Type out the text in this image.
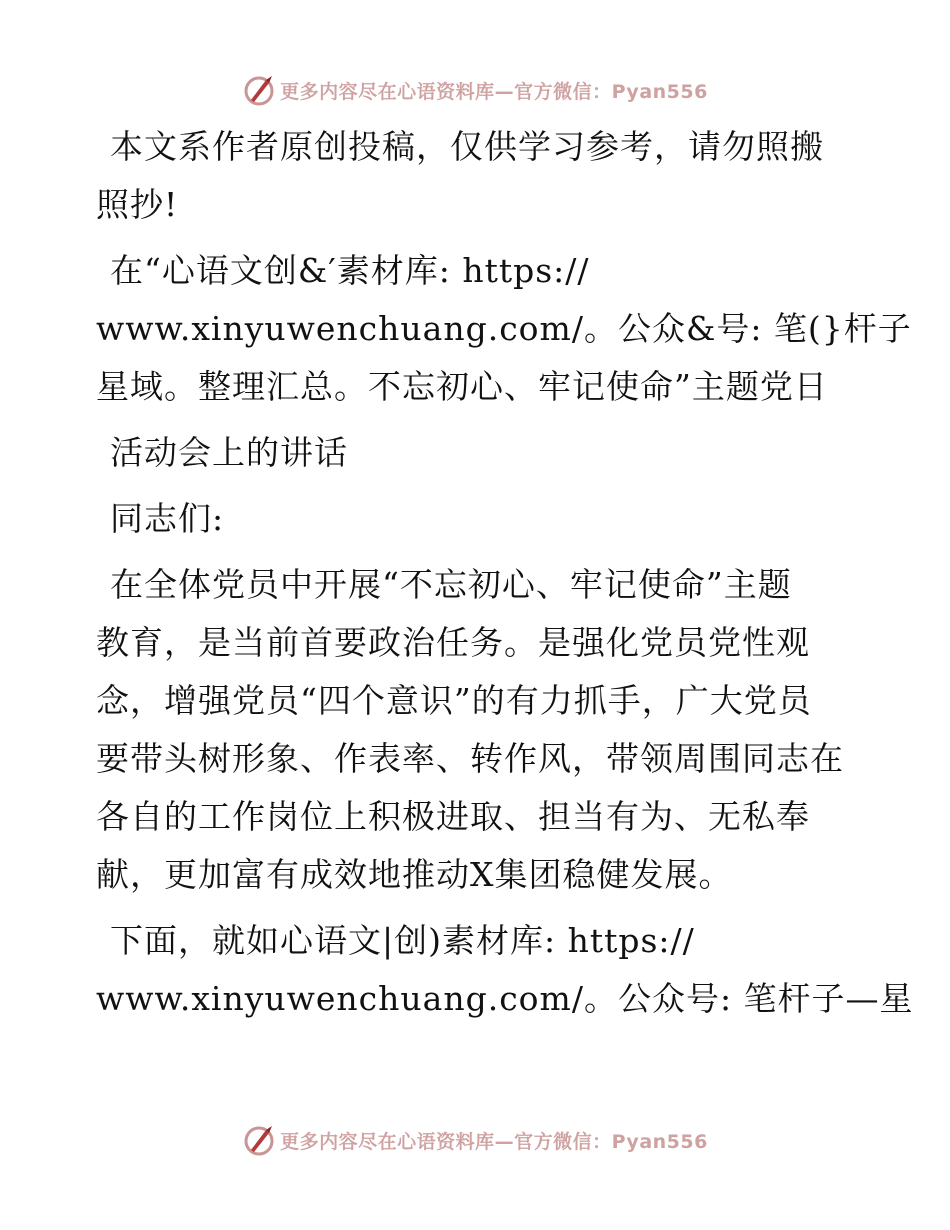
更多内容尽在心语资料库—官方微信：Pyan556
本文系作者原创投稿，仅供学习参考，请勿照搬
照抄!
在“心语文创&′素材库: https://
www.xinyuwenchuang.com/。公众&号: 笔(}杆子
星域。整理汇总。不忘初心、牢记使命”主题党日
活动会上的讲话
同志们:
在全体党员中开展“不忘初心、牢记使命”主题
教育，是当前首要政治任务。是强化党员党性观
念，增强党员“四个意识”的有力抓手，广大党员
要带头树形象、作表率、转作风，带领周围同志在
各自的工作岗位上积极进取、担当有为、无私奉
献，更加富有成效地推动X集团稳健发展。
下面，就如心语文|创)素材库: https://
www.xinyuwenchuang.com/。公众号: 笔杆子—星
更多内容尽在心语资料库—官方微信：Pyan556
